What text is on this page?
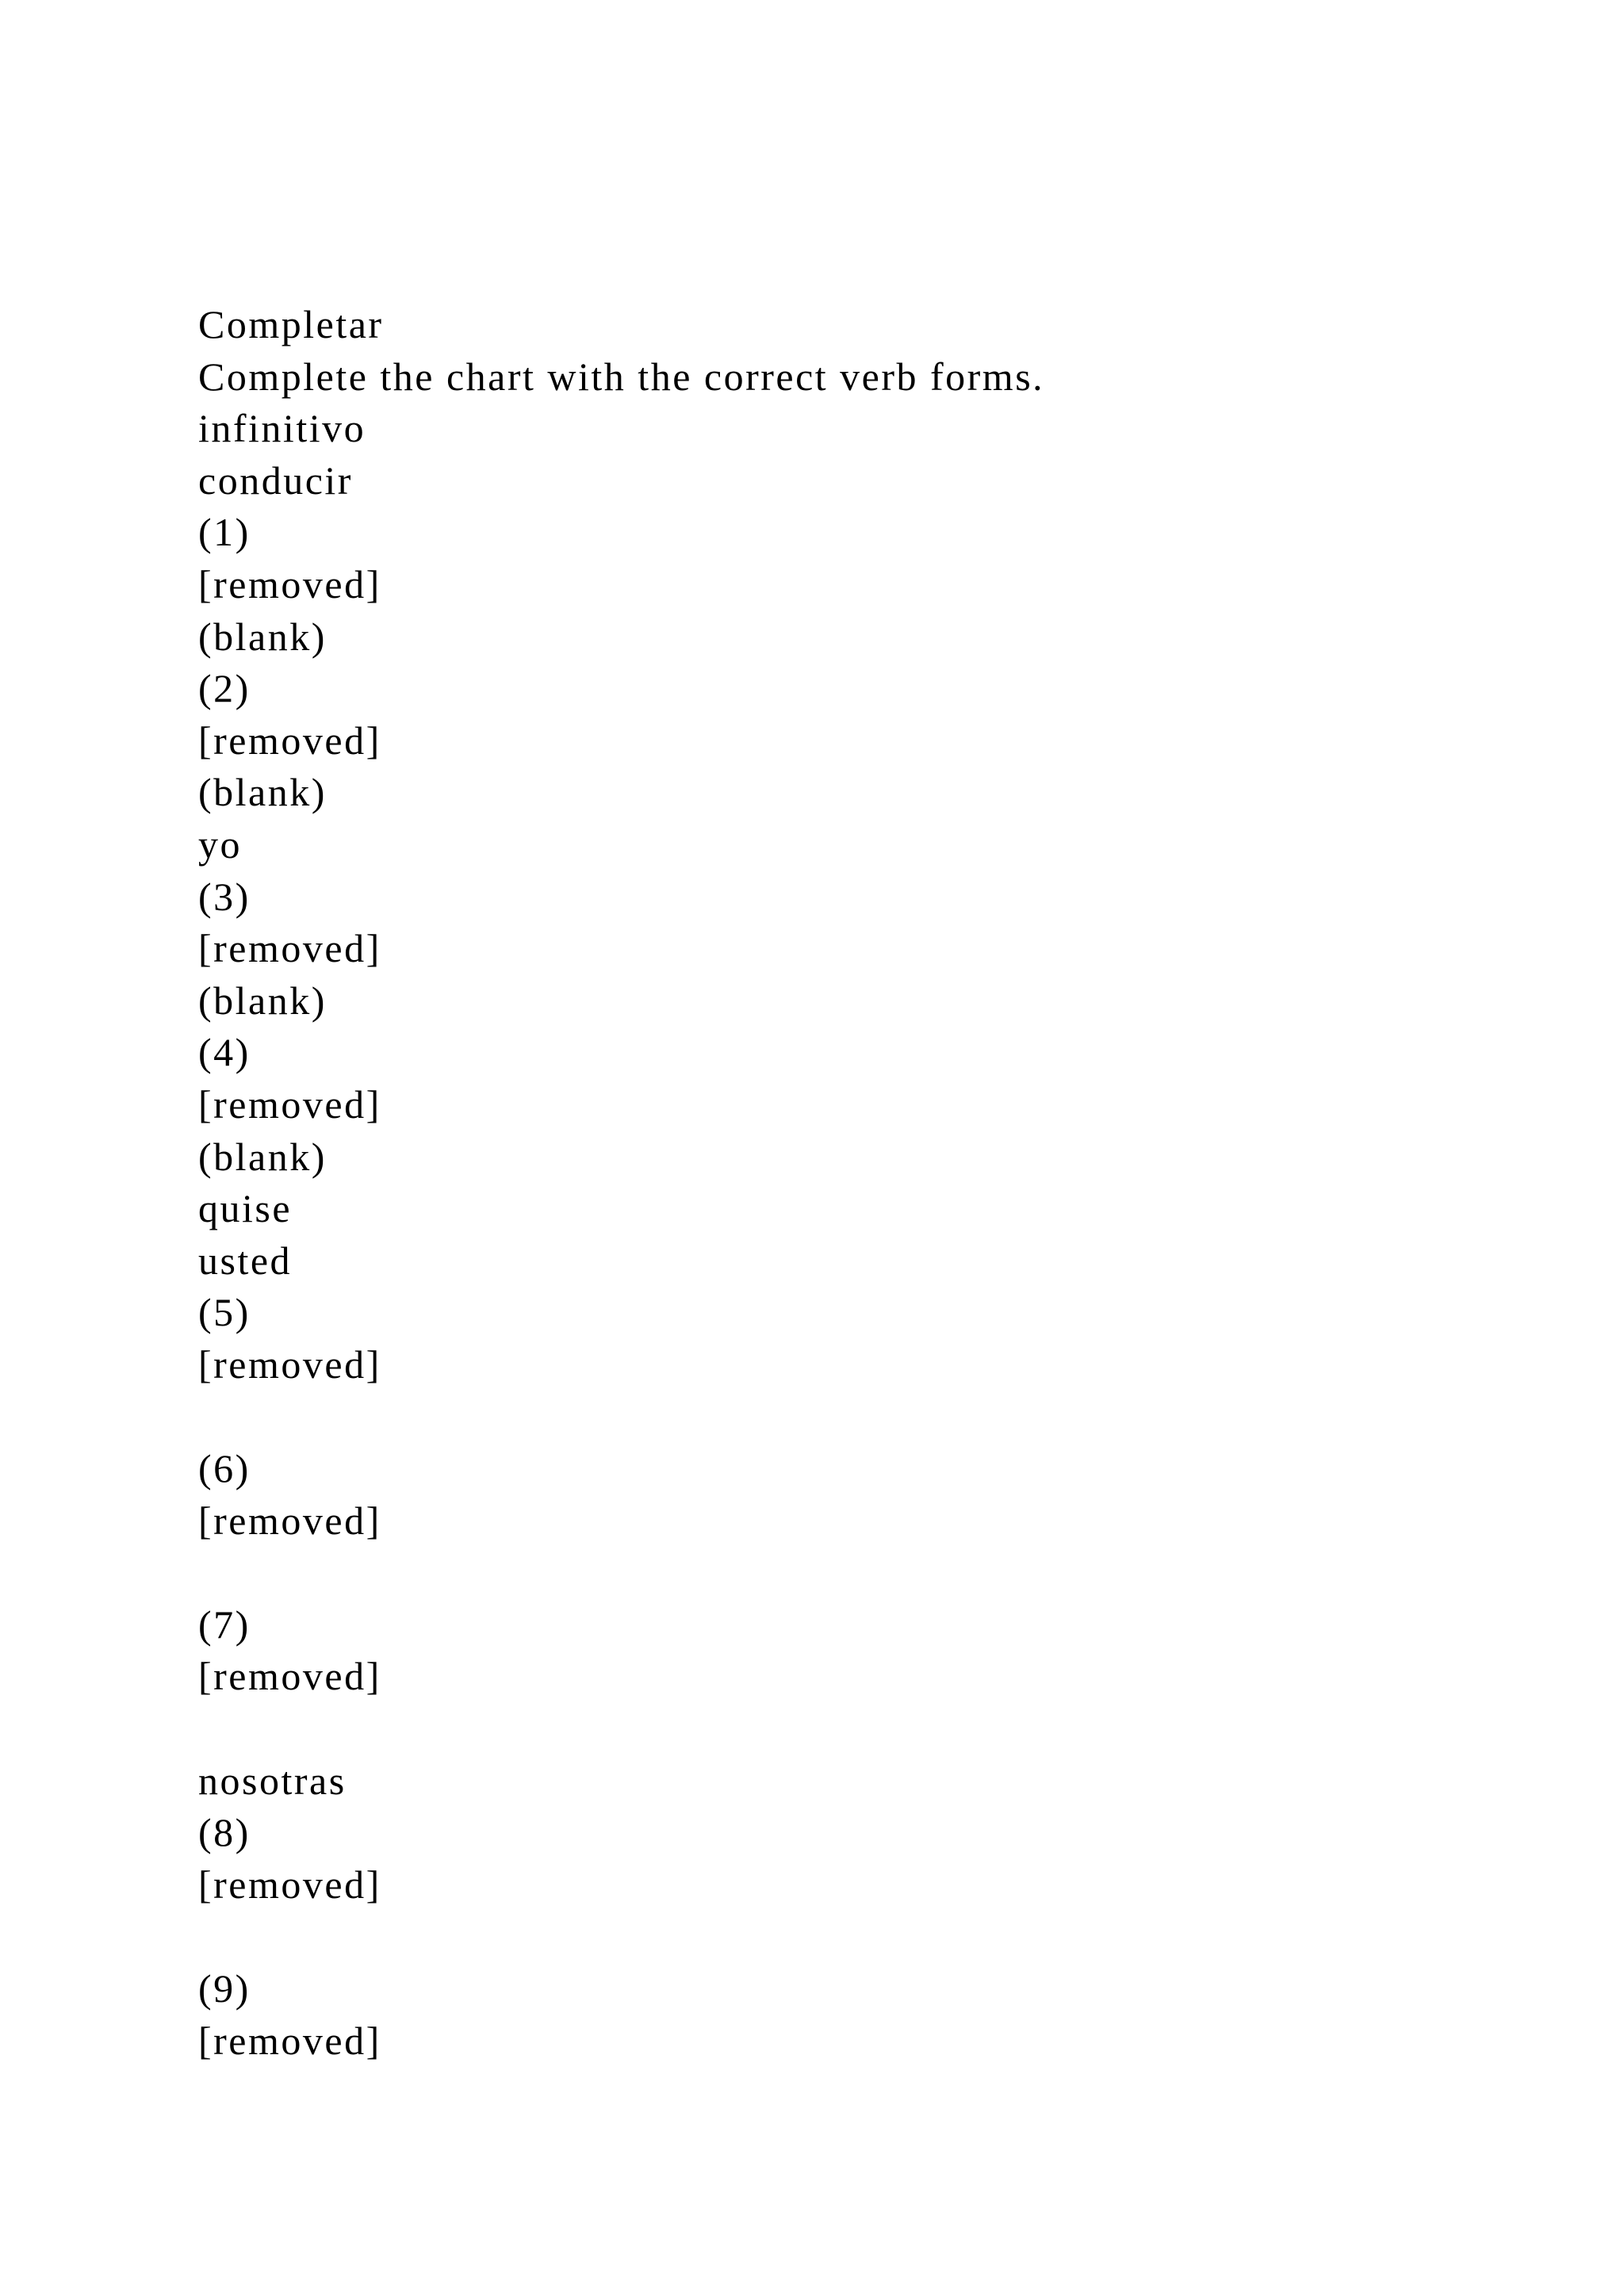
Completar
Complete the chart with the correct verb forms.
infinitivo
conducir
(1)
[removed]
(blank)
(2)
[removed]
(blank)
yo
(3)
[removed]
(blank)
(4)
[removed]
(blank)
quise
usted
(5)
[removed]
(6)
[removed]
(7)
[removed]
nosotras
(8)
[removed]
(9)
[removed]
